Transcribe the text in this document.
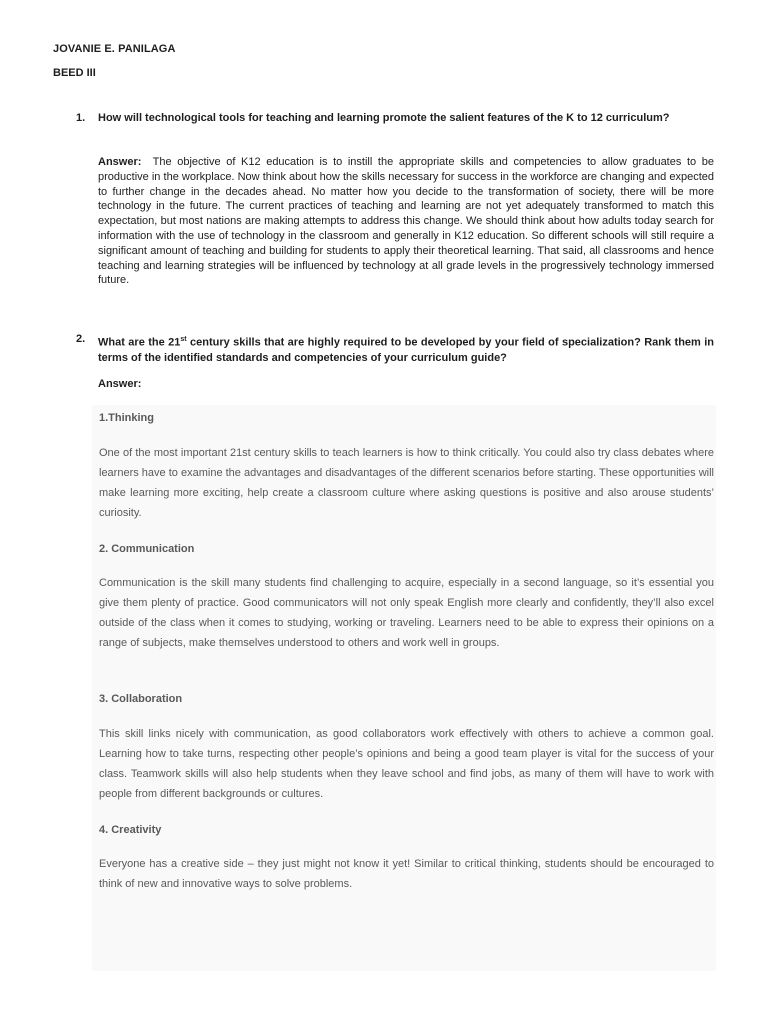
JOVANIE E. PANILAGA
BEED III
1. How will technological tools for teaching and learning promote the salient features of the K to 12 curriculum?
Answer: The objective of K12 education is to instill the appropriate skills and competencies to allow graduates to be productive in the workplace. Now think about how the skills necessary for success in the workforce are changing and expected to further change in the decades ahead. No matter how you decide to the transformation of society, there will be more technology in the future. The current practices of teaching and learning are not yet adequately transformed to match this expectation, but most nations are making attempts to address this change. We should think about how adults today search for information with the use of technology in the classroom and generally in K12 education. So different schools will still require a significant amount of teaching and building for students to apply their theoretical learning. That said, all classrooms and hence teaching and learning strategies will be influenced by technology at all grade levels in the progressively technology immersed future.
2. What are the 21st century skills that are highly required to be developed by your field of specialization? Rank them in terms of the identified standards and competencies of your curriculum guide?
Answer:
1.Thinking
One of the most important 21st century skills to teach learners is how to think critically. You could also try class debates where learners have to examine the advantages and disadvantages of the different scenarios before starting. These opportunities will make learning more exciting, help create a classroom culture where asking questions is positive and also arouse students’ curiosity.
2. Communication
Communication is the skill many students find challenging to acquire, especially in a second language, so it’s essential you give them plenty of practice. Good communicators will not only speak English more clearly and confidently, they’ll also excel outside of the class when it comes to studying, working or traveling. Learners need to be able to express their opinions on a range of subjects, make themselves understood to others and work well in groups.
3. Collaboration
This skill links nicely with communication, as good collaborators work effectively with others to achieve a common goal. Learning how to take turns, respecting other people’s opinions and being a good team player is vital for the success of your class. Teamwork skills will also help students when they leave school and find jobs, as many of them will have to work with people from different backgrounds or cultures.
4. Creativity
Everyone has a creative side – they just might not know it yet! Similar to critical thinking, students should be encouraged to think of new and innovative ways to solve problems.
